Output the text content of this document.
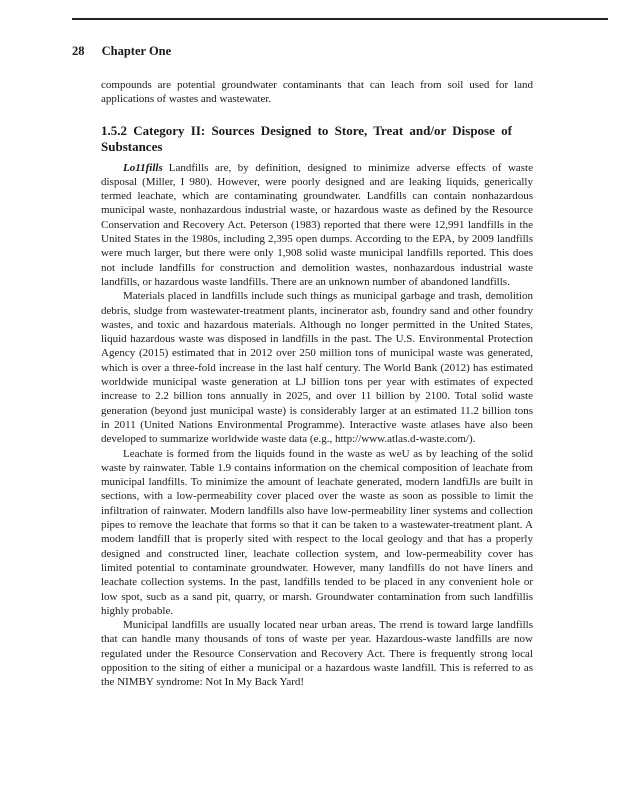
28 Chapter One

compounds are potential groundwater contaminants that can leach from soil used for land applications of wastes and wastewater.

1.5.2 Category II: Sources Designed to Store, Treat and/or Dispose of Substances

Lo11fills Landfills are, by definition, designed to minimize adverse effects of waste disposal (Miller, I 980). However, were poorly designed and are leaking liquids, generically termed leachate, which are contaminating groundwater. Landfills can contain nonhazardous municipal waste, nonhazardous industrial waste, or hazardous waste as defined by the Resource Conservation and Recovery Act. Peterson (1983) reported that there were 12,991 landfills in the United States in the 1980s, including 2,395 open dumps. According to the EPA, by 2009 landfills were much larger, but there were only 1,908 solid waste municipal landfills reported. This does not include landfills for construction and demolition wastes, nonhazardous industrial waste landfills, or hazardous waste landfills. There are an unknown number of abandoned landfills.

Materials placed in landfills include such things as municipal garbage and trash, demolition debris, sludge from wastewater-treatment plants, incinerator asb, foundry sand and other foundry wastes, and toxic and hazardous materials. Although no longer permitted in the United States, liquid hazardous waste was disposed in landfills in the past. The U.S. Environmental Protection Agency (2015) estimated that in 2012 over 250 million tons of municipal waste was generated, which is over a three-fold increase in the last half century. The World Bank (2012) has estimated worldwide municipal waste generation at LJ billion tons per year with estimates of expected increase to 2.2 billion tons annually in 2025, and over 11 billion by 2100. Total solid waste generation (beyond just municipal waste) is considerably larger at an estimated 11.2 billion tons in 2011 (United Nations Environmental Programme). Interactive waste atlases have also been developed to summarize worldwide waste data (e.g., http://www.atlas.d-waste.com/).

Leachate is formed from the liquids found in the waste as weU as by leaching of the solid waste by rainwater. Table 1.9 contains information on the chemical composition of leachate from municipal landfills. To minimize the amount of leachate generated, modern landfiJls are built in sections, with a low-permeability cover placed over the waste as soon as possible to limit the infiltration of rainwater. Modern landfills also have low-permeability liner systems and collection pipes to remove the leachate that forms so that it can be taken to a wastewater-treatment plant. A modem landfill that is properly sited with respect to the local geology and that has a properly designed and constructed liner, leachate collection system, and low-permeability cover has limited potential to contaminate groundwater. However, many landfills do not have liners and leachate collection systems. In the past, landfills tended to be placed in any convenient hole or low spot, sucb as a sand pit, quarry, or marsh. Groundwater contamination from such landfillis highly probable.

Municipal landfills are usually located near urban areas. The rrend is toward large landfills that can handle many thousands of tons of waste per year. Hazardous-waste landfills are now regulated under the Resource Conservation and Recovery Act. There is frequently strong local opposition to the siting of either a municipal or a hazardous waste landfill. This is referred to as the NIMBY syndrome: Not In My Back Yard!
